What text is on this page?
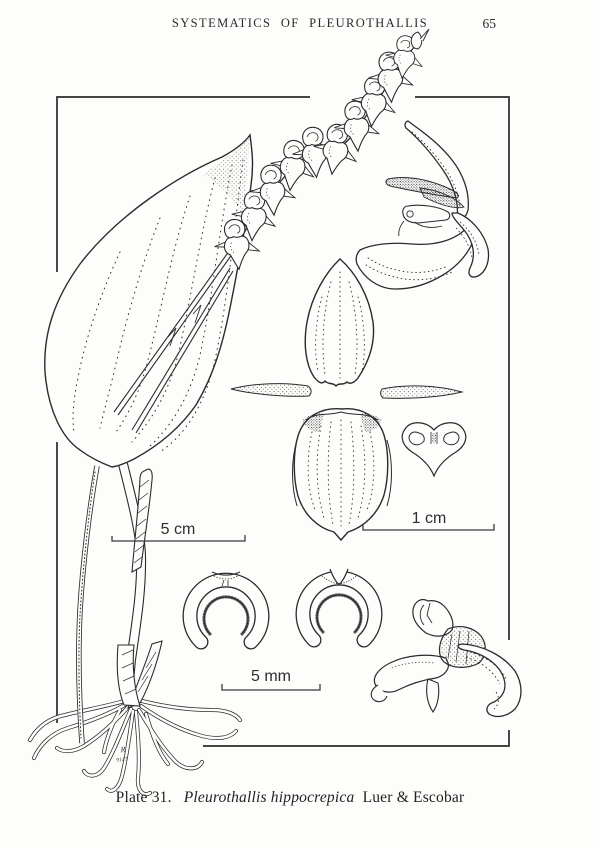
SYSTEMATICS OF PLEUROTHALLIS	65
R
9147
5 cm
1 cm
5 mm
Plate 31. Pleurothallis hippocrepica Luer & Escobar
